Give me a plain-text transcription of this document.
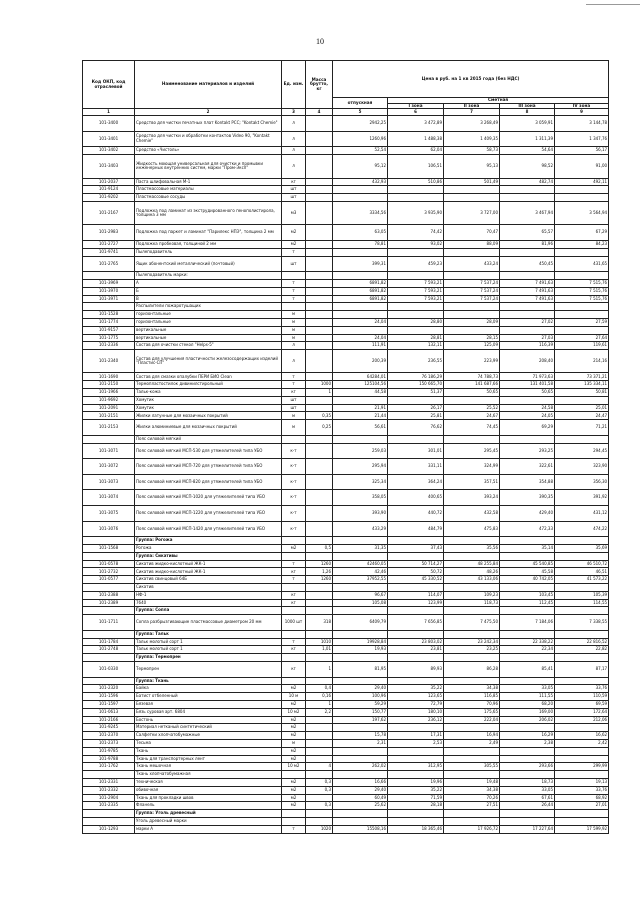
10
Код ОКП, код отраслевой	Наименование материалов и изделий	Ед. изм.	Масса брутто, кг	Цена в руб. на 1 кв 2015 года (без НДС)				
				отпускная	Сметная			
					I зона	II зона	III зона	IV зона
1	2	3	4	5	6	7	8	9
101-3400	Средство для чистки печатных плат Kontakt PCC; "Kontakt Chemie"	л		2942,25	3 472,89	3 268,49	3 059,91	3 144,78
101-3401	Средство для чистки и обработки контактов Video 90, "Kontakt Chemie"	л		1260,96	1 488,38	1 409,35	1 311,39	1 347,76
101-3402	Средство «Чистоль»	л		52,54	62,04	58,73	54,64	56,17
101-3403	Жидкость моющая универсальная для очистки и промывки инженерных внутренних систем, марки "Пром-Эксп"	л		95,12	106,51	95,13	98,52	91,00
101-2037	Паста шлифовальная М-1	кг		432,93	510,86	501,49	482,74	492,11
101-9124	Пластмассовые материалы	шт						
101-9202	Пластмассовые сосуды	шт						
101-2167	Подложка под ламинат из экструдированного пенополистирола, толщина 3 мм	м3		3334,56	3 935,90	3 727,00	3 467,94	3 564,94
101-2983	Подложка под паркет и ламинат "Парилекс НПЭ", толщина 2 мм	м2		63,05	74,42	70,47	65,57	67,29
101-2727	Подложка пробковая, толщиной 2 мм	м2		78,81	93,02	88,09	81,96	84,23
101-9741	Пылеподавитель	т						
101-2765	Ящик абонентский металлический (почтовый)	шт		399,31	459,23	433,24	450,45	431,65
	Пылеподавитель марки:							
101-3969	А	т		6891,82	7 593,21	7 537,24	7 491,63	7 515,76
101-3970	Б	т		6891,82	7 593,21	7 537,24	7 491,63	7 515,76
101-3971	В	т		6891,82	7 593,21	7 537,24	7 491,63	7 515,76
	Распылители пожаротушащих							
101-1528	горизонтальные	м						
101-1774	горизонтальные	м		24,04	28,80	28,09	27,02	27,59
101-9157	вертикальные	м						
101-1775	вертикальные	м		24,04	28,81	28,15	27,03	27,64
101-2336	Состав для очистки стекол "Helps-5"	л		111,91	132,11	125,09	116,39	119,61
101-2340	Состав для улучшения пластичности железосодержащих изделий "Пластис-СП"	л		200,39	236,55	223,99	208,40	214,16
101-1690	Состав для смазки опалубки ПЕРИ БИО Clean	т		64284,01	76 186,29	74 788,73	71 973,63	73 371,21
101-2150	Термопластостилок дивинилстирольный	т	1000	125104,56	150 665,70	141 687,66	131 401,58	135 334,11
101-1966	Тальк-кожа	кг	1	44,58	51,37	50,65	50,65	50,81
101-9692	Хомутик	шт						
101-2091	Хомутик	шт		21,91	26,17	25,52	24,58	25,01
101-2151	Жилки латунные для мозаичных покрытий	м	0,35	21,44	25,81	24,67	24,05	24,47
101-2153	Жилки алюминиевые для мозаичных покрытий	м	0,25	56,61	76,62	74,45	69,29	71,21
	Пояс силовой мягкий							
101-3071	Пояс силовой мягкий МСП-530 для утяжелителей типа УБО	к-т		259,03	301,01	295,45	293,25	294,45
101-3072	Пояс силовой мягкий МСП-720 для утяжелителей типа УБО	к-т		295,94	331,11	324,99	322,61	323,90
101-3073	Пояс силовой мягкий МСП-820 для утяжелителей типа УБО	к-т		325,34	364,24	357,51	354,88	356,30
101-3074	Пояс силовой мягкий МСП-1020 для утяжелителей типа УБО	к-т		358,05	400,65	393,24	390,35	391,92
101-3075	Пояс силовой мягкий МСП-1220 для утяжелителей типа УБО	к-т		393,90	440,72	432,58	429,40	431,12
101-3076	Пояс силовой мягкий МСП-1420 для утяжелителей типа УБО	к-т		433,29	484,79	475,83	472,33	474,22
	Группа: Рогожа							
101-1568	Рогожа	м2	0,5	31,35	37,43	35,56	35,14	35,69
	Группа: Сикативы							
101-0578	Сикатив жидко-кислотный ЖК-1	т	1260	42460,05	50 714,27	48 255,84	45 540,85	46 510,72
101-2732	Сикатив жидко-кислотный ЖК-1	кг	1,26	42,46	50,72	48,26	45,58	46,51
101-0577	Сикатив свинцовый 64Б	т	1260	37952,55	45 330,52	43 133,06	40 742,05	41 573,22
	Сикатив							
101-2388	НФ-1	кг		96,67	114,07	109,23	103,45	105,39
101-2389	7640	кг		105,08	123,99	118,73	112,45	114,55
	Группа: Сопла							
101-1711	Сопла разбрызгивающие пластмассовые диаметром 20 мм	1000 шт	318	6409,79	7 656,85	7 475,50	7 184,06	7 338,55
	Группа: Тальк							
101-1784	Тальк молотый сорт 1	т	1010	19928,84	23 803,02	23 242,34	22 338,22	22 816,52
101-2748	Тальк молотый сорт 1	кг	1,01	19,93	23,81	23,25	22,34	22,82
	Группа: Термопрен							
101-0330	Термопрен	кг	1	81,95	89,93	86,28	85,41	87,17
	Группа: Ткань							
101-2320	Байка	м2	0,4	29,40	35,22	34,38	33,05	33,76
101-1596	Батист отбеленный	10 м	0,16	100,96	123,65	116,85	111,55	110,59
101-1597	Бязевая	м2	1	59,29	72,79	70,96	68,20	69,59
101-0613	Бязь суровая арт. 6804	10 м2	2,2	150,77	180,10	175,65	169,00	172,64
101-2166	Бостонь	м2		197,62	236,12	222,04	206,02	212,06
101-9245	Материал нетканый синтетический	м2						
101-2370	Салфетки хлопчатобумажные	м2		15,78	17,31	16,94	16,29	16,62
101-2373	Тесьма	м		2,31	2,53	2,49	2,38	2,42
101-9785	Ткань	м2						
101-9788	Ткань для транспортерных лент	м2						
101-1762	Ткань мешочная	10 м2	4	262,02	312,95	305,55	293,66	299,99
	Ткань хлопчатобумажная							
101-2331	техническая	м2	0,3	16,66	19,96	19,48	18,73	19,13
101-2332	обивочная	м2	0,3	29,40	35,22	34,38	33,05	33,76
101-2904	Ткань для прокладки швов	м2		60,49	71,59	70,26	67,61	68,92
101-2335	Фланель	м2	0,3	25,62	28,18	27,51	26,44	27,01
	Группа: Уголь древесный							
	Уголь древесный марки							
101-1293	марки А	т	1020	15508,16	18 365,46	17 926,72	17 227,64	17 599,92
